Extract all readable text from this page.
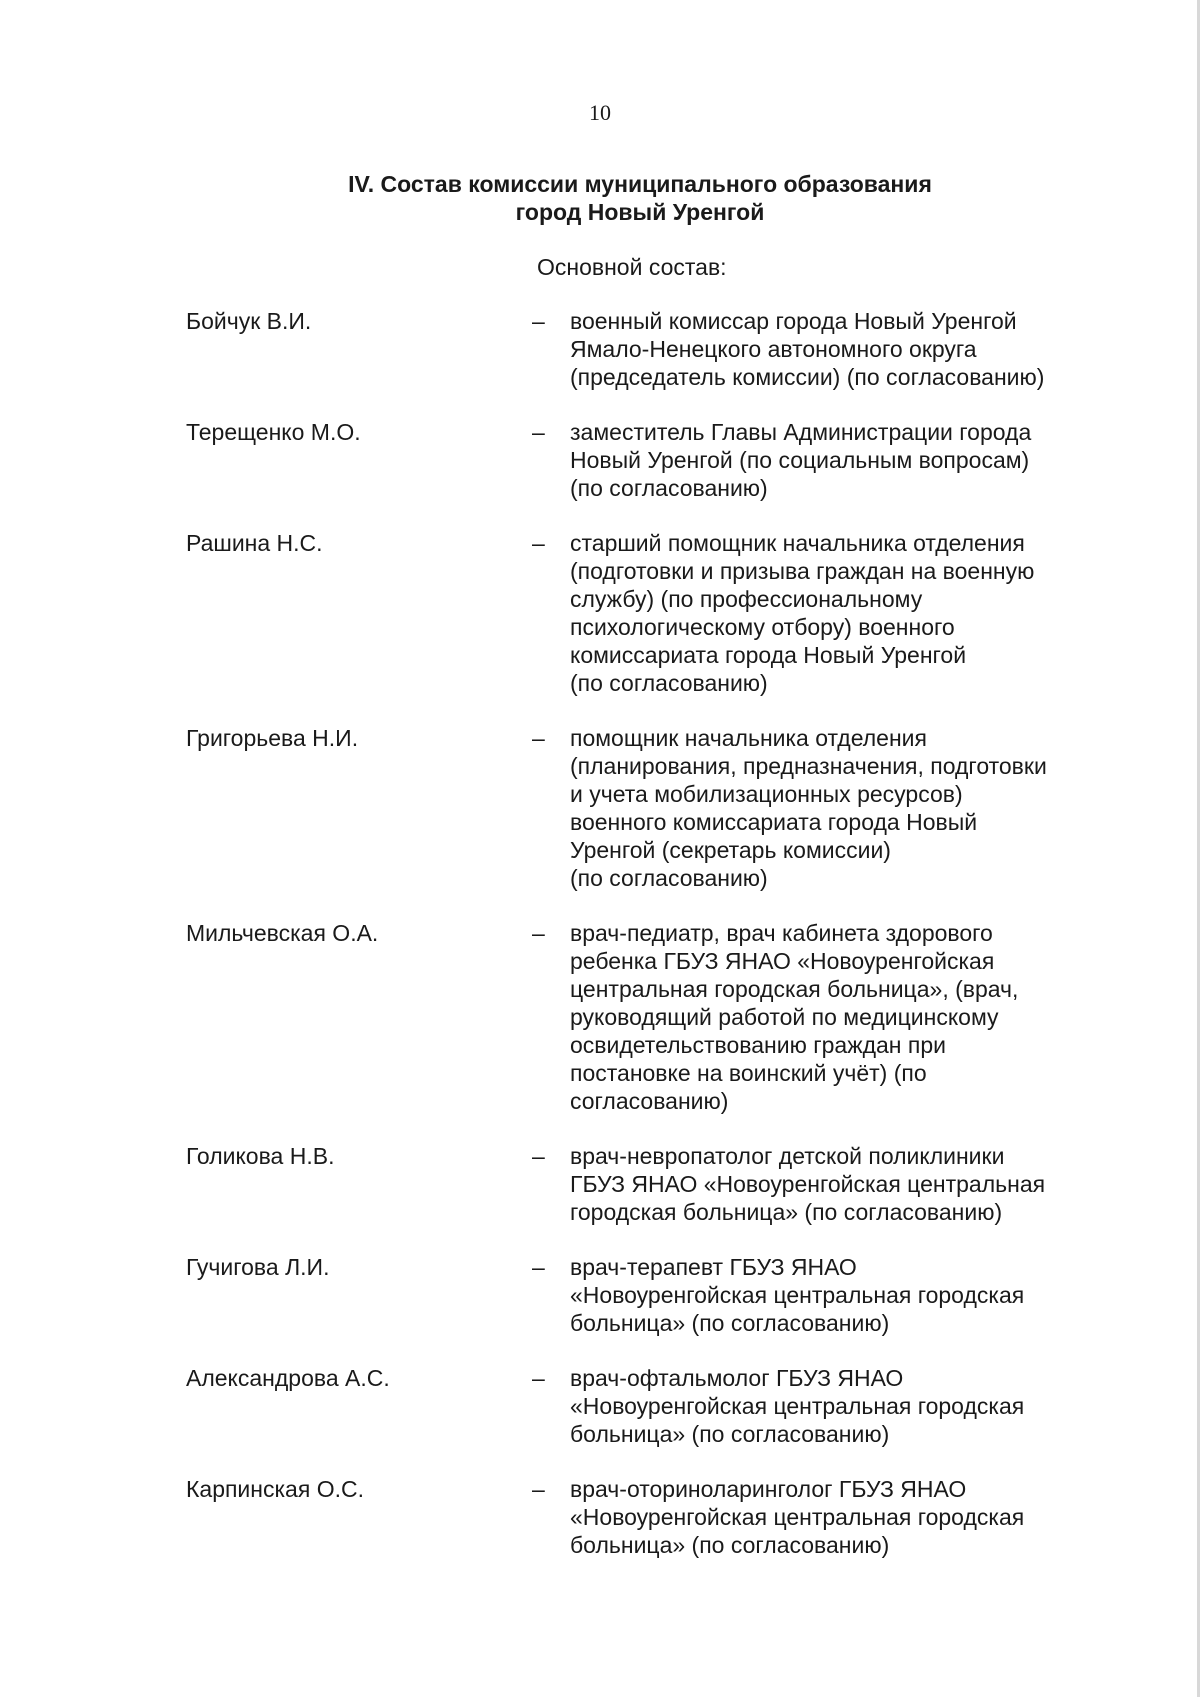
10
IV. Состав комиссии муниципального образования
город Новый Уренгой
Основной состав:
Бойчук В.И.	– военный комиссар города Новый Уренгой
Ямало-Ненецкого автономного округа
(председатель комиссии) (по согласованию)
Терещенко М.О.	– заместитель Главы Администрации города
Новый Уренгой (по социальным вопросам)
(по согласованию)
Рашина Н.С.	– старший помощник начальника отделения
(подготовки и призыва граждан на военную
службу) (по профессиональному
психологическому отбору) военного
комиссариата города Новый Уренгой
(по согласованию)
Григорьева Н.И.	– помощник начальника отделения
(планирования, предназначения, подготовки
и учета мобилизационных ресурсов)
военного комиссариата города Новый
Уренгой (секретарь комиссии)
(по согласованию)
Мильчевская О.А.	– врач-педиатр, врач кабинета здорового
ребенка ГБУЗ ЯНАО «Новоуренгойская
центральная городская больница», (врач,
руководящий работой по медицинскому
освидетельствованию граждан при
постановке на воинский учёт) (по
согласованию)
Голикова Н.В.	– врач-невропатолог детской поликлиники
ГБУЗ ЯНАО «Новоуренгойская центральная
городская больница» (по согласованию)
Гучигова Л.И.	– врач-терапевт ГБУЗ ЯНАО
«Новоуренгойская центральная городская
больница» (по согласованию)
Александрова А.С.	– врач-офтальмолог ГБУЗ ЯНАО
«Новоуренгойская центральная городская
больница» (по согласованию)
Карпинская О.С.	– врач-оториноларинголог ГБУЗ ЯНАО
«Новоуренгойская центральная городская
больница» (по согласованию)
